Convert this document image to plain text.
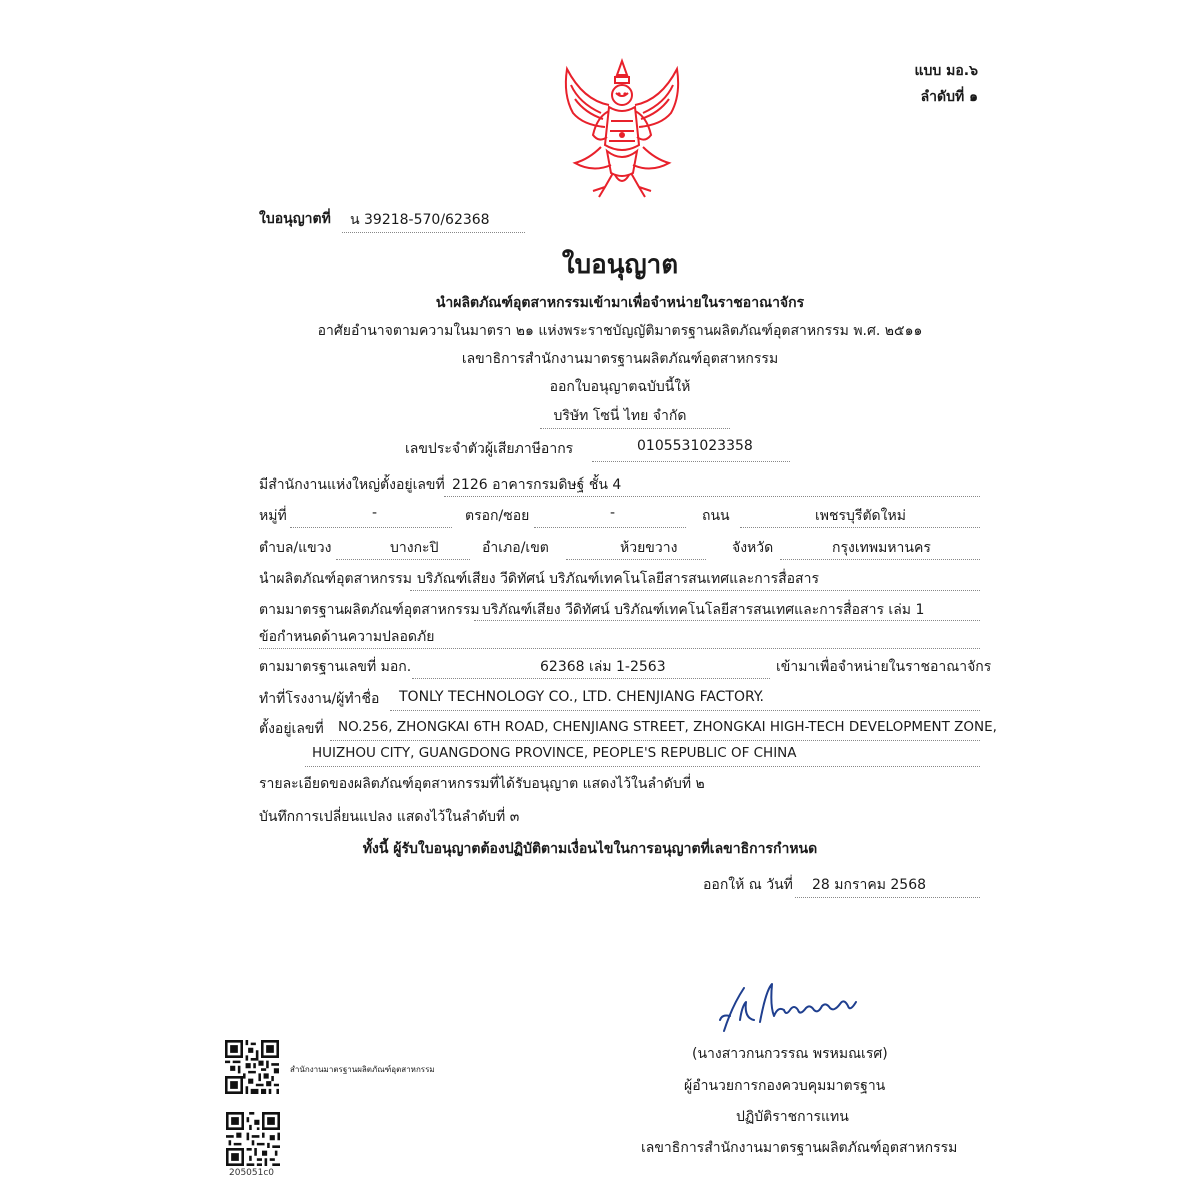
แบบ มอ.๖
ลำดับที่ ๑
ใบอนุญาตที่ น 39218-570/62368
ใบอนุญาต
นำผลิตภัณฑ์อุตสาหกรรมเข้ามาเพื่อจำหน่ายในราชอาณาจักร
อาศัยอำนาจตามความในมาตรา ๒๑ แห่งพระราชบัญญัติมาตรฐานผลิตภัณฑ์อุตสาหกรรม พ.ศ. ๒๕๑๑
เลขาธิการสำนักงานมาตรฐานผลิตภัณฑ์อุตสาหกรรม
ออกใบอนุญาตฉบับนี้ให้
บริษัท โซนี่ ไทย จำกัด
เลขประจำตัวผู้เสียภาษีอากร	0105531023358
มีสำนักงานแห่งใหญ่ตั้งอยู่เลขที่ 2126 อาคารกรมดิษฐ์ ชั้น 4
หมู่ที่	-	ตรอก/ซอย	-	ถนน	เพชรบุรีตัดใหม่
ตำบล/แขวง	บางกะปิ	อำเภอ/เขต	ห้วยขวาง	จังหวัด	กรุงเทพมหานคร
นำผลิตภัณฑ์อุตสาหกรรม บริภัณฑ์เสียง วีดิทัศน์ บริภัณฑ์เทคโนโลยีสารสนเทศและการสื่อสาร
ตามมาตรฐานผลิตภัณฑ์อุตสาหกรรม บริภัณฑ์เสียง วีดิทัศน์ บริภัณฑ์เทคโนโลยีสารสนเทศและการสื่อสาร เล่ม 1
ข้อกำหนดด้านความปลอดภัย
ตามมาตรฐานเลขที่ มอก.	62368 เล่ม 1-2563	เข้ามาเพื่อจำหน่ายในราชอาณาจักร
ทำที่โรงงาน/ผู้ทำชื่อ TONLY TECHNOLOGY CO., LTD. CHENJIANG FACTORY.
ตั้งอยู่เลขที่ NO.256, ZHONGKAI 6TH ROAD, CHENJIANG STREET, ZHONGKAI HIGH-TECH DEVELOPMENT ZONE,
HUIZHOU CITY, GUANGDONG PROVINCE, PEOPLE'S REPUBLIC OF CHINA
รายละเอียดของผลิตภัณฑ์อุตสาหกรรมที่ได้รับอนุญาต แสดงไว้ในลำดับที่ ๒
บันทึกการเปลี่ยนแปลง แสดงไว้ในลำดับที่ ๓
ทั้งนี้ ผู้รับใบอนุญาตต้องปฏิบัติตามเงื่อนไขในการอนุญาตที่เลขาธิการกำหนด
ออกให้ ณ วันที่ 28 มกราคม 2568
(นางสาวกนกวรรณ พรหมณเรศ)
ผู้อำนวยการกองควบคุมมาตรฐาน
ปฏิบัติราชการแทน
เลขาธิการสำนักงานมาตรฐานผลิตภัณฑ์อุตสาหกรรม
สำนักงานมาตรฐานผลิตภัณฑ์อุตสาหกรรม
205051c0
